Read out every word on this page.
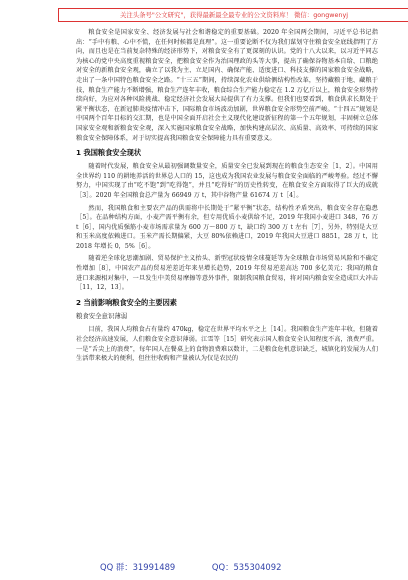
关注头条号"公文研究"，获得最新最全最专业的公文资料库！ 微信：gongwenyj

粮食安全是国家安全、经济发展与社会和谐稳定的重要基础。2020 年全国两会期间，习近平总书记指出：“手中有粮、心中不慌，在任何时候都是真理”。这一重要论断不仅为我们谋划守住粮食安全底线指明了方向，而且也是在当前复杂特殊的经济形势下，对粮食安全有了更深刻的认识。党的十八大以来，以习近平同志为核心的党中央高度重视粮食安全，把粮食安全作为治国理政的头等大事，提出了确保谷物基本自给、口粮绝对安全的新粮食安全观，确立了以我为主、立足国内、确保产能、适度进口、科技支撑的国家粮食安全战略，走出了一条中国特色粮食安全之路。“十三五”期间，持续深化农业供给侧结构性改革，坚持藏粮于地、藏粮于技，粮食生产能力不断增强，粮食生产连年丰收，粮食综合生产能力稳定在 1.2 万亿斤以上，粮食安全形势持续向好，为应对各种风险挑战、稳定经济社会发展大局提供了有力支撑。但我们也要看到，粮食供求长期处于紧平衡状态，在新冠肺炎疫情冲击下，国际粮食市场波动加剧，世界粮食安全形势空前严峻。“十四五”规划是中国两个百年目标的交汇期，也是中国全面开启社会主义现代化建设新征程的第一个五年规划，丰固树立总体国家安全观和新粮食安全观，深入实施国家粮食安全战略，加快构建高层次、高质量、高效率、可持续的国家粮食安全保障体系，对于切实提高我国粮食安全保障能力具有重要意义。

1 我国粮食安全现状

随着时代发展，粮食安全从最初强调数量安全，质量安全已发展到现在的粮食生态安全［1，2］。中国用全世界约 110 的耕地养活的世界总人口的 15，这也成为我国农业发展与粮食安全面临的严峻考验。经过不懈努力，中国实现了由“吃不饱”到“吃得饱”，并且“吃得好”的历史性转变，在粮食安全方面取得了巨大的成就［3］。2020 年全国粮食总产量为 66949 万 t，其中谷物产量 61674 万 t［4］。

然而，我国粮食和主要农产品的供需将中长期处于“紧平衡”状态，结构性矛盾突出，粮食安全存在隐患［5］。在品种结构方面，小麦产需平衡有余，但专用优质小麦供给不足，2019 年我国小麦进口 348，76 万 t［6］，国内优质强筋小麦市场需求量为 600 万～800 万 t，缺口约 300 万 t 左右［7］，另外，特别是大豆和玉米高度依赖进口。玉米产需长期偏紧，大豆 80%依赖进口，2019 年我国大豆进口 8851，28 万 t，比 2018 年增长 0，5%［6］。

随着逆全球化思潮加剧、贸易保护主义抬头、新型冠状疫情全球蔓延等为全球粮食市场贸易风险和不确定性增加［8］，中国农产品的贸易逆差近年来呈增长趋势，2019 年贸易逆差高达 700 多亿美元；我国的粮食进口来源相对集中，一旦发生中美贸易摩擦等意外事件，限制我国粮食贸易，将对国内粮食安全造成巨大冲击［11，12，13］。

2 当前影响粮食安全的主要因素
粮食安全意识薄弱

目前，我国人均粮食占有量约 470kg，稳定在世界平均水平之上［14］。我国粮食生产连年丰收，但随着社会经济高速发展，人们粮食安全意识薄弱。江雪等［15］研究表示国人粮食安全认知程度不高，浪费严重。一是“舌尖上的浪费”，每年国人在餐桌上的食物浪费难以数计，二是粮食危机意识缺乏，城镇化的发展为人们生活带来极大的便利，但往往收购和产量被认为仅是农民的

QQ 群：31991489	QQ：535304092
